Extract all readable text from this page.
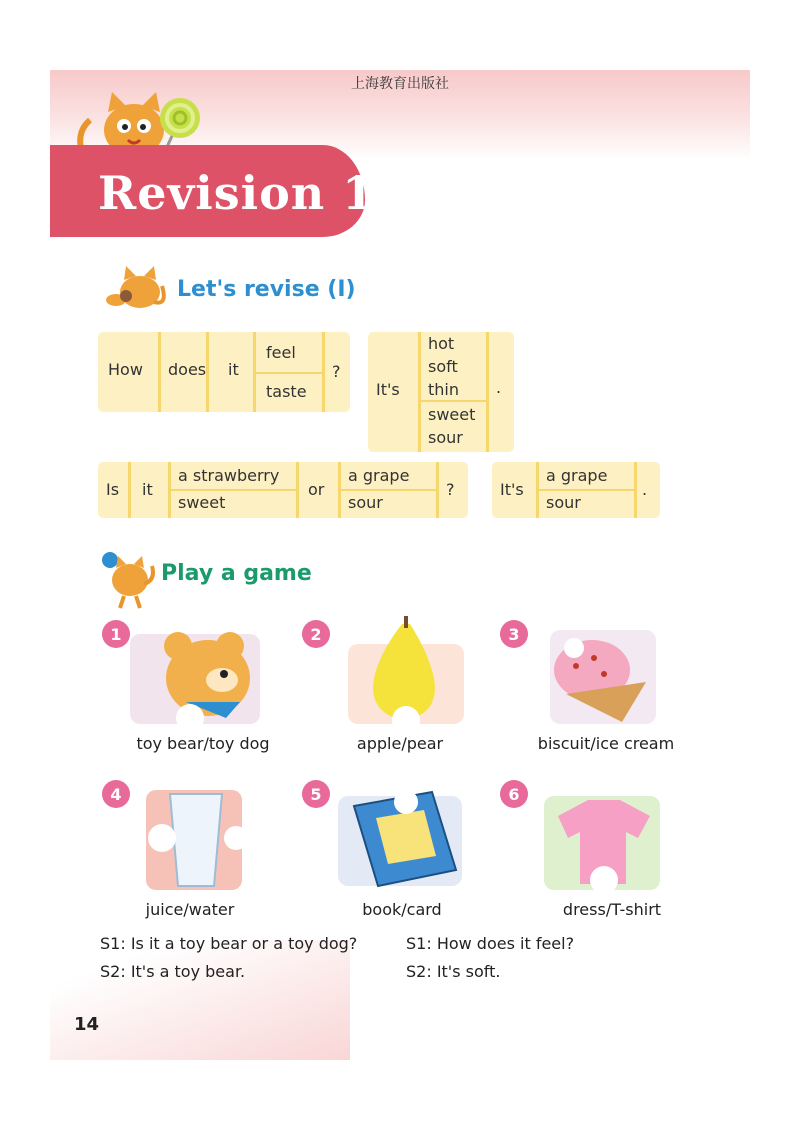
上海教育出版社
Revision 1
Let's revise (I)
How does it
feel
taste
?
It's
hot
soft
thin
sweet
sour
.
Is it
a strawberry
sweet
or
a grape
sour
?	It's
a grape
sour
.
Play a game
1
toy bear/toy dog
2
apple/pear
3
biscuit/ice cream
4
juice/water
5
book/card
6
dress/T-shirt
S1: Is it a toy bear or a toy dog?
S2: It's a toy bear.
S1: How does it feel?
S2: It's soft.
14
